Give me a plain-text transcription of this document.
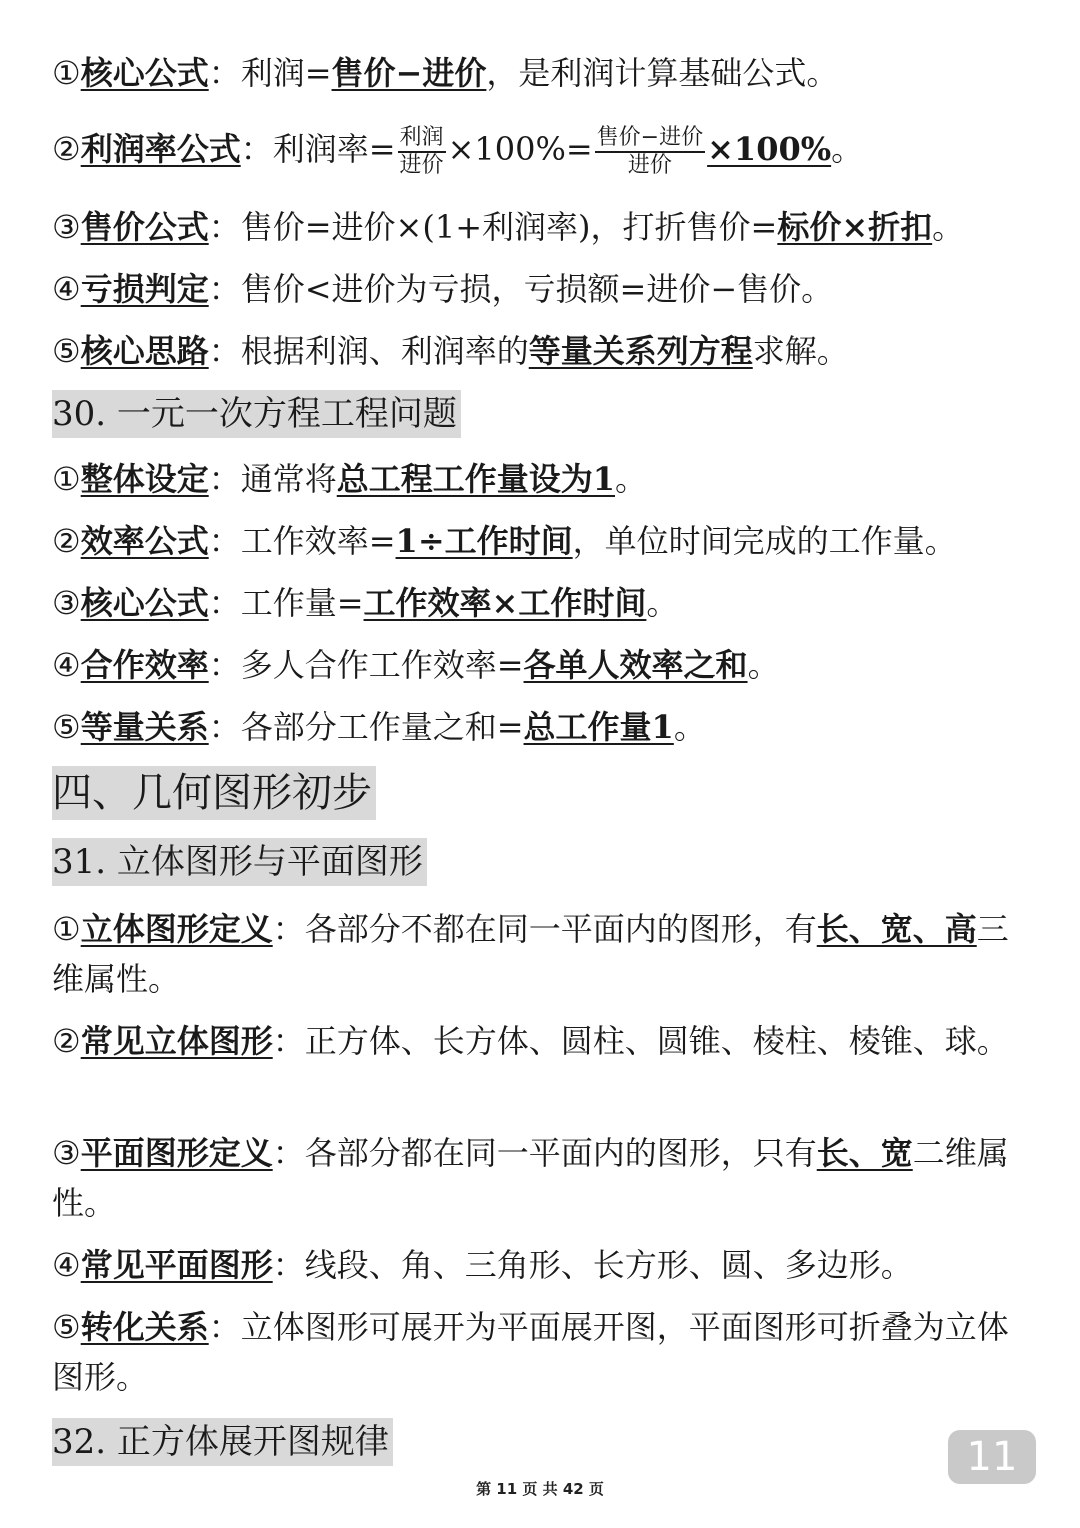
①核心公式：利润=售价−进价，是利润计算基础公式。
②利润率公式：利润率= $\frac{\text{利润}}{\text{进价}} \times 100\%= \frac{\text{售价−进价}}{\text{进价}} \times 100\%$。
③售价公式：售价=进价×(1+利润率)，打折售价=标价×折扣。
④亏损判定：售价<进价为亏损，亏损额=进价−售价。
⑤核心思路：根据利润、利润率的等量关系列方程求解。
30. 一元一次方程工程问题
①整体设定：通常将总工程工作量设为1。
②效率公式：工作效率=1÷工作时间，单位时间完成的工作量。
③核心公式：工作量=工作效率×工作时间。
④合作效率：多人合作工作效率=各单人效率之和。
⑤等量关系：各部分工作量之和=总工作量1。
四、几何图形初步
31. 立体图形与平面图形
①立体图形定义：各部分不都在同一平面内的图形，有长、宽、高三维属性。
②常见立体图形：正方体、长方体、圆柱、圆锥、棱柱、棱锥、球。
③平面图形定义：各部分都在同一平面内的图形，只有长、宽二维属性。
④常见平面图形：线段、角、三角形、长方形、圆、多边形。
⑤转化关系：立体图形可展开为平面展开图，平面图形可折叠为立体图形。
32. 正方体展开图规律	11
第 11 页 共 42 页
